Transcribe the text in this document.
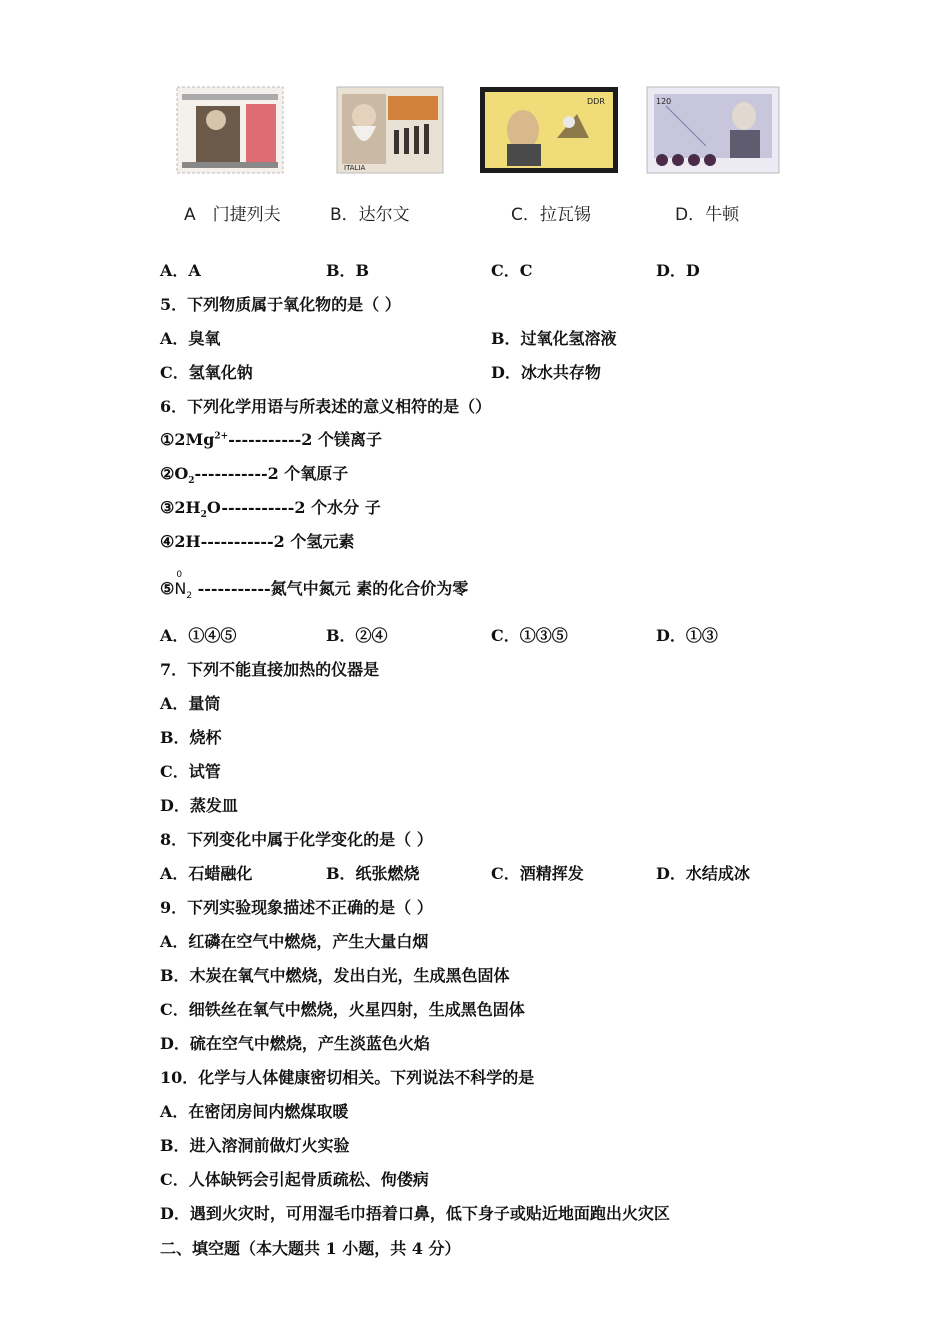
ITALIA
DDR	120
A　门捷列夫	B．达尔文	C．拉瓦锡	D．牛顿
A．A	B．B	C．C	D．D
5．下列物质属于氧化物的是（ ）
A．臭氧	B．过氧化氢溶液
C．氢氧化钠	D．冰水共存物
6．下列化学用语与所表述的意义相符的是（）
$①2Mg^{2+}-----------2$ 个镁离子
$②O_2-----------2$ 个氧原子
$③2H_2O-----------2$ 个水分 子
④2H-----------2 个氢元素
⑤
0
$N_2$ -----------氮气中氮元 素的化合价为零
A．①④⑤	B．②④	C．①③⑤	D．①③
7．下列不能直接加热的仪器是
A．量筒
B．烧杯
C．试管
D．蒸发皿
8．下列变化中属于化学变化的是（ ）
A．石蜡融化	B．纸张燃烧	C．酒精挥发	D．水结成冰
9．下列实验现象描述不正确的是（ ）
A．红磷在空气中燃烧，产生大量白烟
B．木炭在氧气中燃烧，发出白光，生成黑色固体
C．细铁丝在氧气中燃烧，火星四射，生成黑色固体
D．硫在空气中燃烧，产生淡蓝色火焰
10．化学与人体健康密切相关。下列说法不科学的是
A．在密闭房间内燃煤取暖
B．进入溶洞前做灯火实验
C．人体缺钙会引起骨质疏松、佝偻病
D．遇到火灾时，可用湿毛巾捂着口鼻，低下身子或贴近地面跑出火灾区
二、填空题（本大题共 1 小题，共 4 分）
